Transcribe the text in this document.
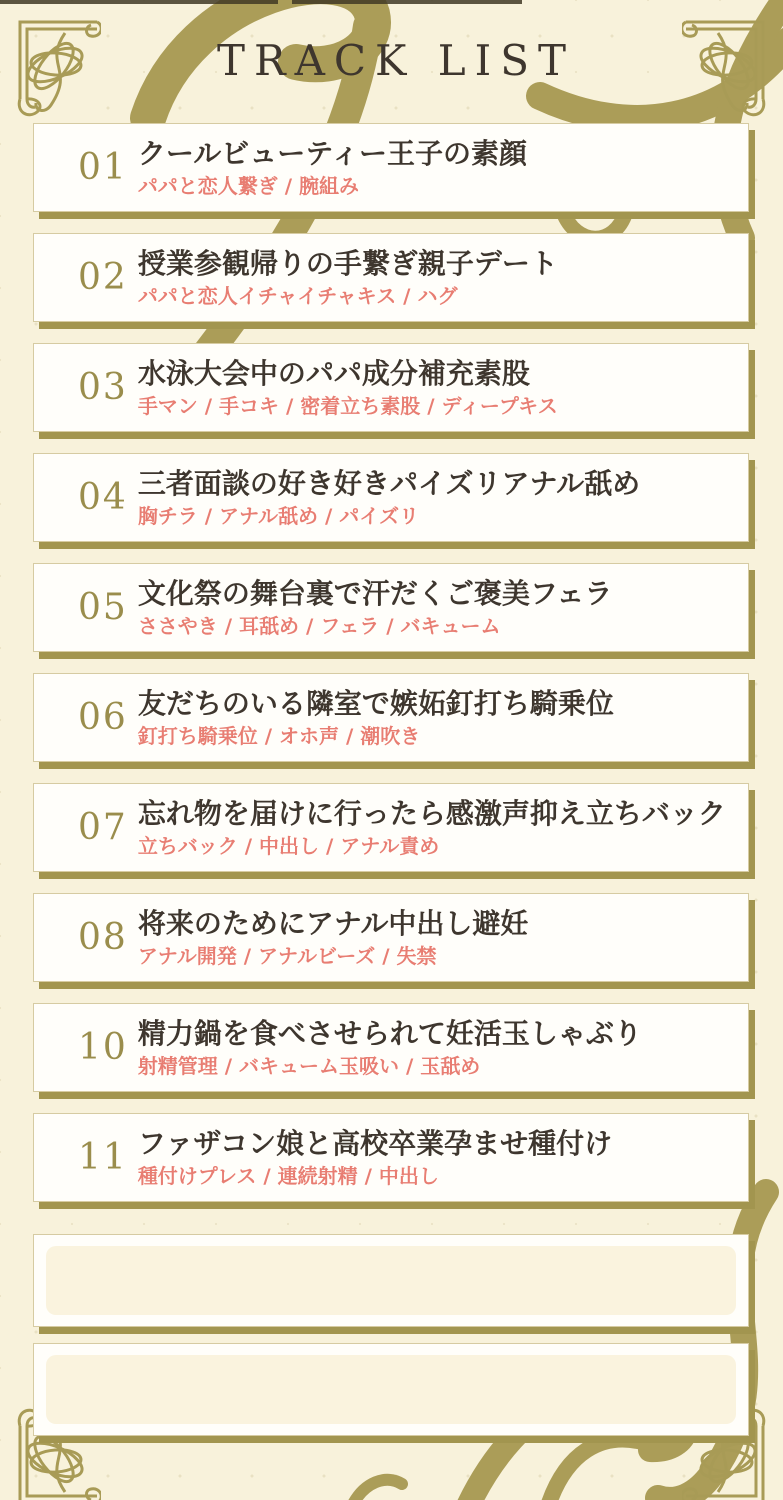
TRACK LIST
01 クールビューティー王子の素顔

パパと恋人繋ぎ / 腕組み

02 授業参観帰りの手繋ぎ親子デート

パパと恋人イチャイチャキス / ハグ

03 水泳大会中のパパ成分補充素股

手マン / 手コキ / 密着立ち素股 / ディープキス

04 三者面談の好き好きパイズリアナル舐め

胸チラ / アナル舐め / パイズリ

05 文化祭の舞台裏で汗だくご褒美フェラ

ささやき / 耳舐め / フェラ / バキューム

06 友だちのいる隣室で嫉妬釘打ち騎乗位

釘打ち騎乗位 / オホ声 / 潮吹き

07 忘れ物を届けに行ったら感激声抑え立ちバック

立ちバック / 中出し / アナル責め

08 将来のためにアナル中出し避妊

アナル開発 / アナルビーズ / 失禁

10 精力鍋を食べさせられて妊活玉しゃぶり

射精管理 / バキューム玉吸い / 玉舐め

11 ファザコン娘と高校卒業孕ませ種付け

種付けプレス / 連続射精 / 中出し
